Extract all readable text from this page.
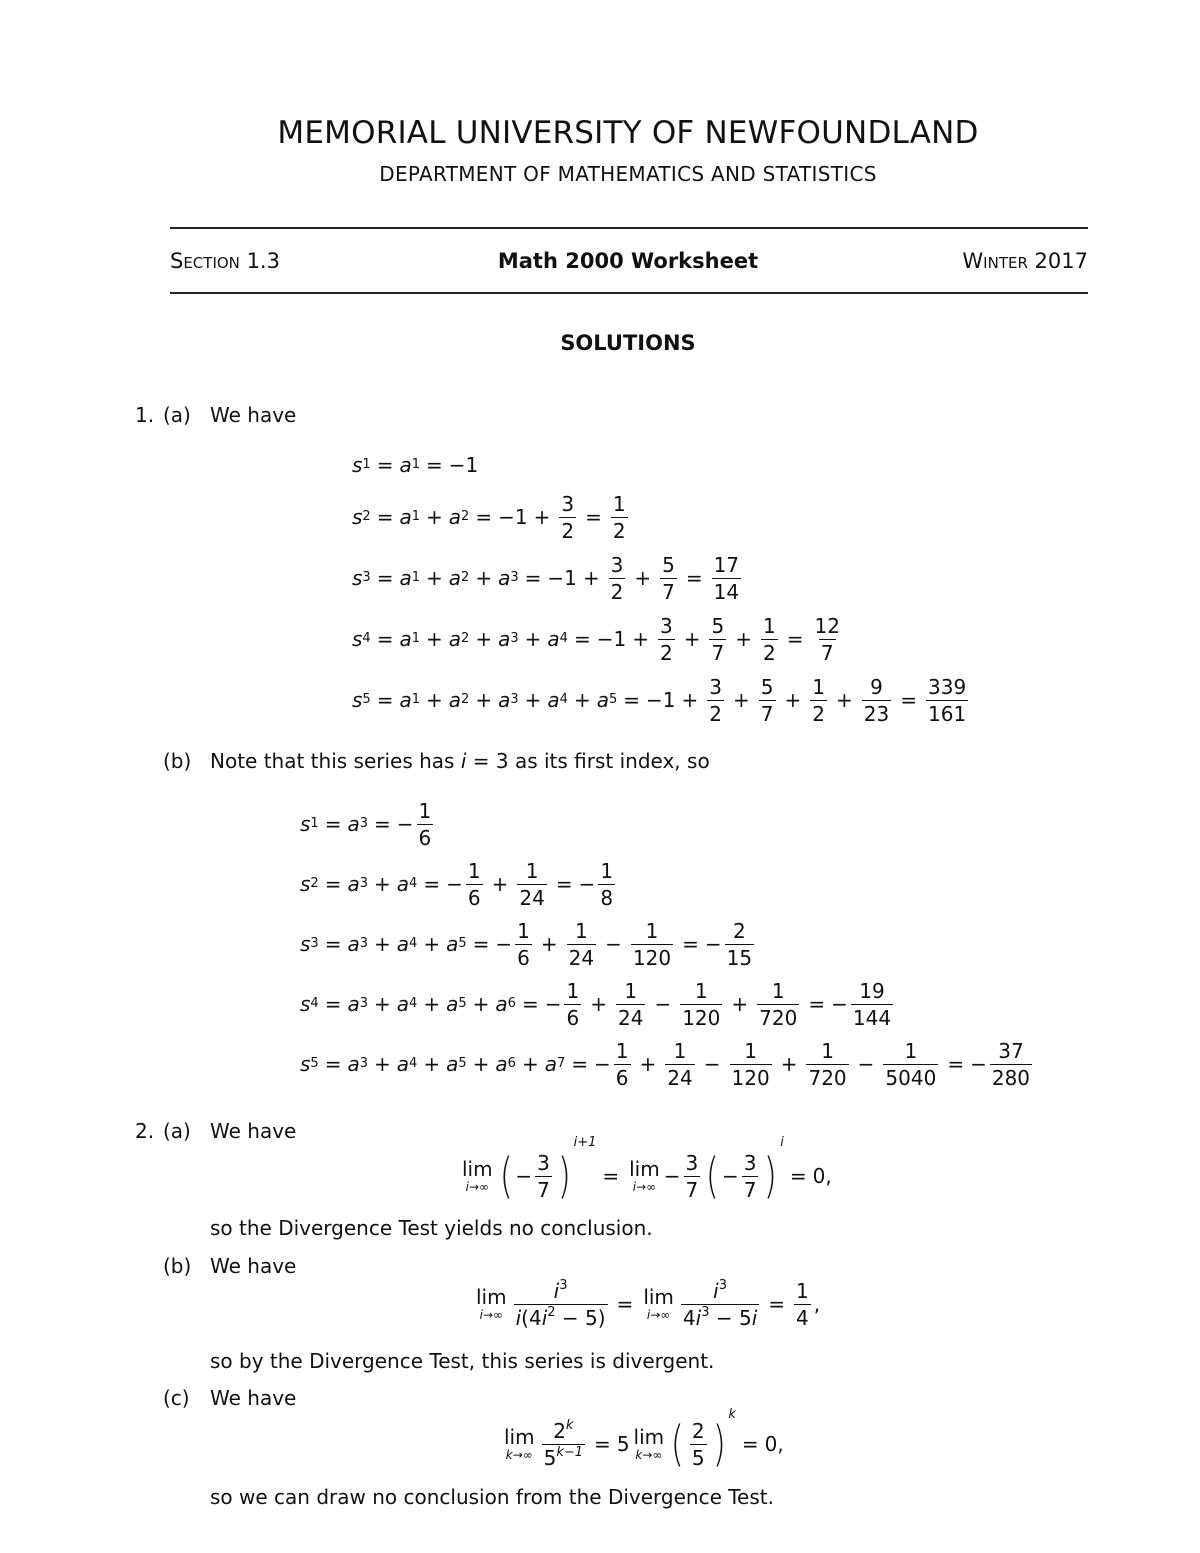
MEMORIAL UNIVERSITY OF NEWFOUNDLAND
DEPARTMENT OF MATHEMATICS AND STATISTICS
Section 1.3	Math 2000 Worksheet	Winter 2017
SOLUTIONS
1. (a) We have
s 1 = a 1 = −1
s 2 = a 1 + a $2 = -1 + \frac{3}{2} = \frac{1}{2}$
s 3 = a 1 + a 2 + a $3 = -1 + \frac{3}{2} + \frac{5}{7} = \frac{17}{14}$
s 4 = a 1 + a 2 + a 3 + a $4 = -1 + \frac{3}{2} + \frac{5}{7} + \frac{1}{2} = \frac{12}{7}$
s 5 = a 1 + a 2 + a 3 + a 4 + a $5 = -1 + \frac{3}{2} + \frac{5}{7} + \frac{1}{2} + \frac{9}{23} = \frac{339}{161}$
(b) Note that this series has i = 3 as its first index, so
s 1 = a 3 = − $\frac{1}{6}$
s 2 = a 3 + a 4 = − $\frac{1}{6} + \frac{1}{24}$ = − $\frac{1}{8}$
s 3 = a 3 + a 4 + a 5 = − $\frac{1}{6} + \frac{1}{24} - \frac{1}{120}$ = − $\frac{2}{15}$
s 4 = a 3 + a 4 + a 5 + a 6 = − $\frac{1}{6} + \frac{1}{24} - \frac{1}{120} + \frac{1}{720}$ = − $\frac{19}{144}$
s 5 = a 3 + a 4 + a 5 + a 6 + a 7 = − $\frac{1}{6} + \frac{1}{24} - \frac{1}{120} + \frac{1}{720} - \frac{1}{5040}$ = − $\frac{37}{280}$
2. (a) We have
lim
i→∞ ( − $\frac{3}{7}$ )
i+1
= lim
$i\to\infty - \frac{3}{7}$ ( − $\frac{3}{7}$ )
i
= 0,
so the Divergence Test yields no conclusion.
(b) We have
lim
$i\to\infty \frac{i^3}{i(4i^2 - 5)} = \lim$
$i\to\infty \frac{i^3}{4i^3 - 5i} = \frac{1}{4}$ ,
so by the Divergence Test, this series is divergent.
(c) We have
lim
$k\to\infty \frac{2^k}{5^{k-1}} = 5$ lim
k→∞ ( $\frac{2}{5}$ )
k
= 0,
so we can draw no conclusion from the Divergence Test.
